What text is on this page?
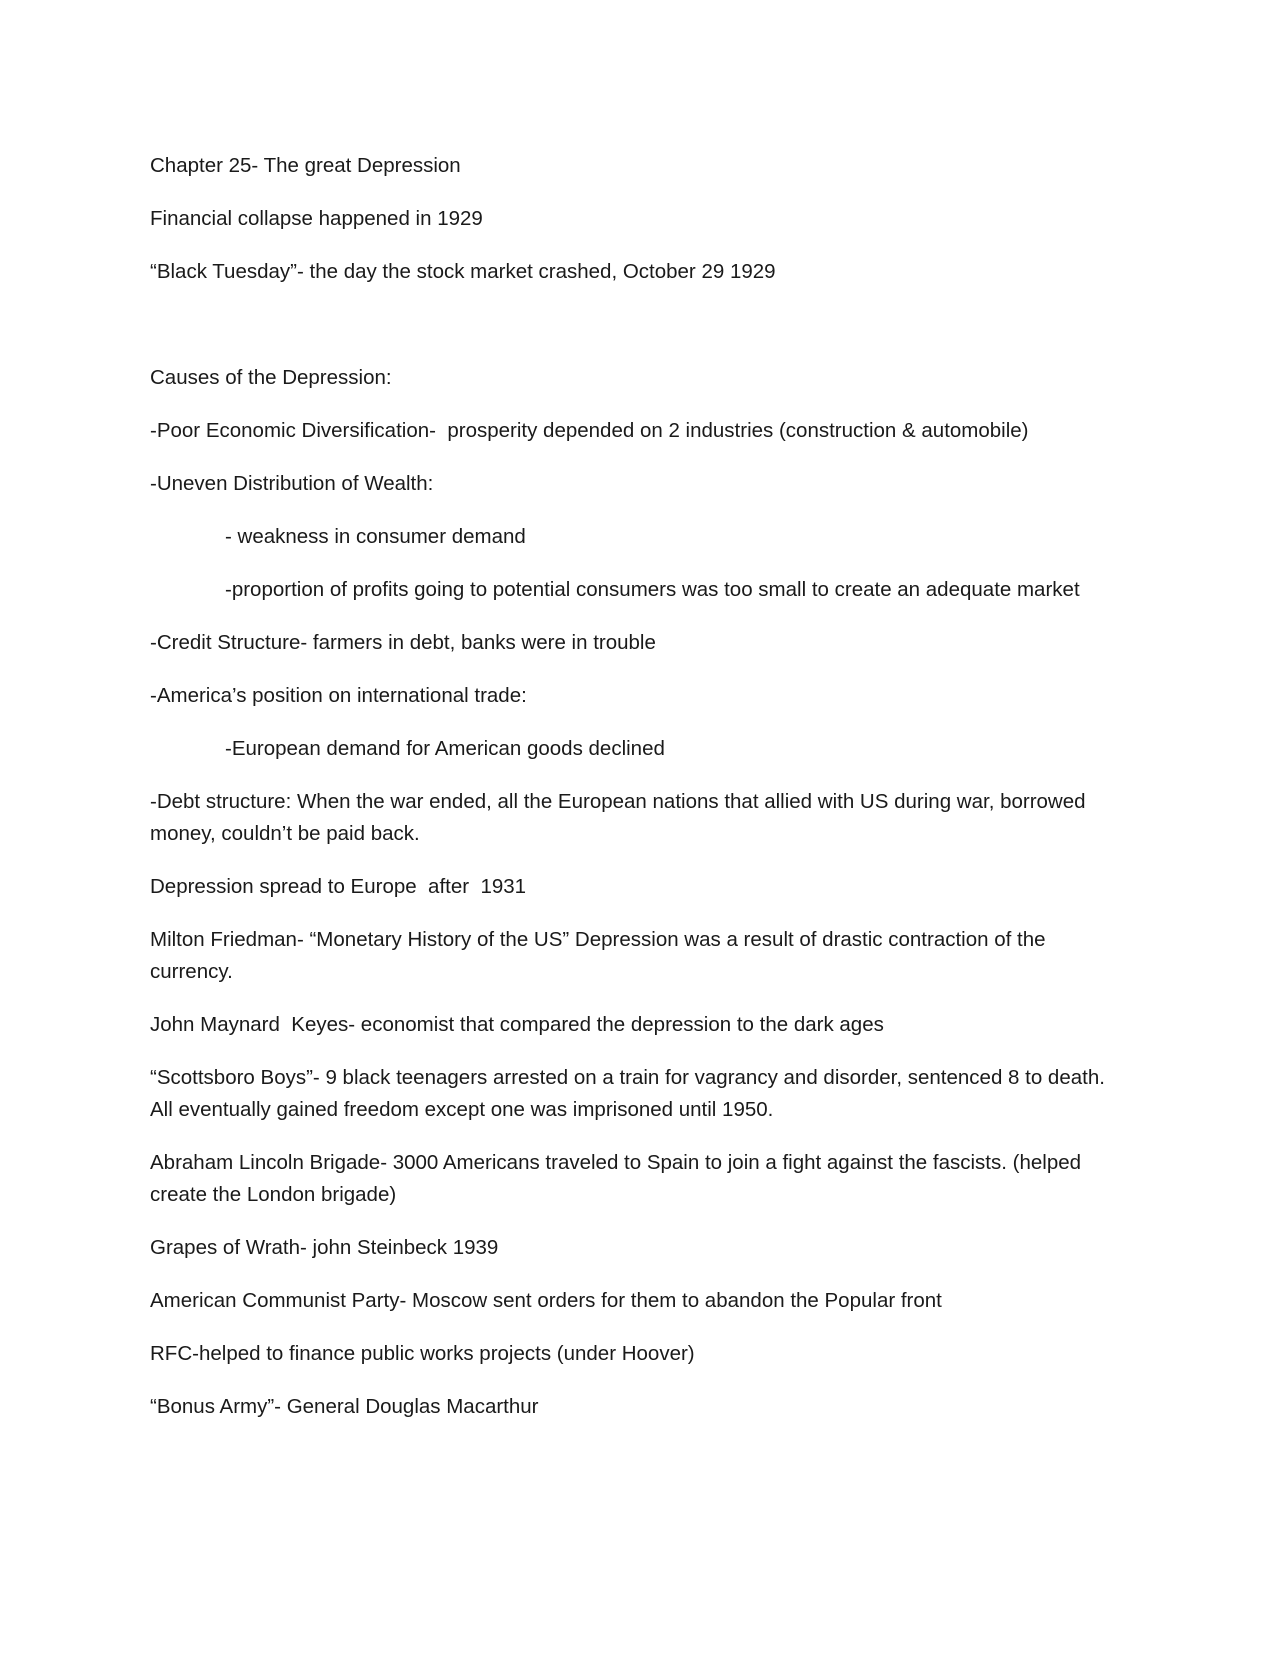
Chapter 25- The great Depression
Financial collapse happened in 1929
“Black Tuesday”- the day the stock market crashed, October 29 1929
Causes of the Depression:
-Poor Economic Diversification-  prosperity depended on 2 industries (construction & automobile)
-Uneven Distribution of Wealth:
- weakness in consumer demand
-proportion of profits going to potential consumers was too small to create an adequate market
-Credit Structure- farmers in debt, banks were in trouble
-America’s position on international trade:
-European demand for American goods declined
-Debt structure: When the war ended, all the European nations that allied with US during war, borrowed money, couldn’t be paid back.
Depression spread to Europe  after  1931
Milton Friedman- “Monetary History of the US” Depression was a result of drastic contraction of the currency.
John Maynard  Keyes- economist that compared the depression to the dark ages
“Scottsboro Boys”- 9 black teenagers arrested on a train for vagrancy and disorder, sentenced 8 to death. All eventually gained freedom except one was imprisoned until 1950.
Abraham Lincoln Brigade- 3000 Americans traveled to Spain to join a fight against the fascists. (helped create the London brigade)
Grapes of Wrath- john Steinbeck 1939
American Communist Party- Moscow sent orders for them to abandon the Popular front
RFC-helped to finance public works projects (under Hoover)
“Bonus Army”- General Douglas Macarthur
